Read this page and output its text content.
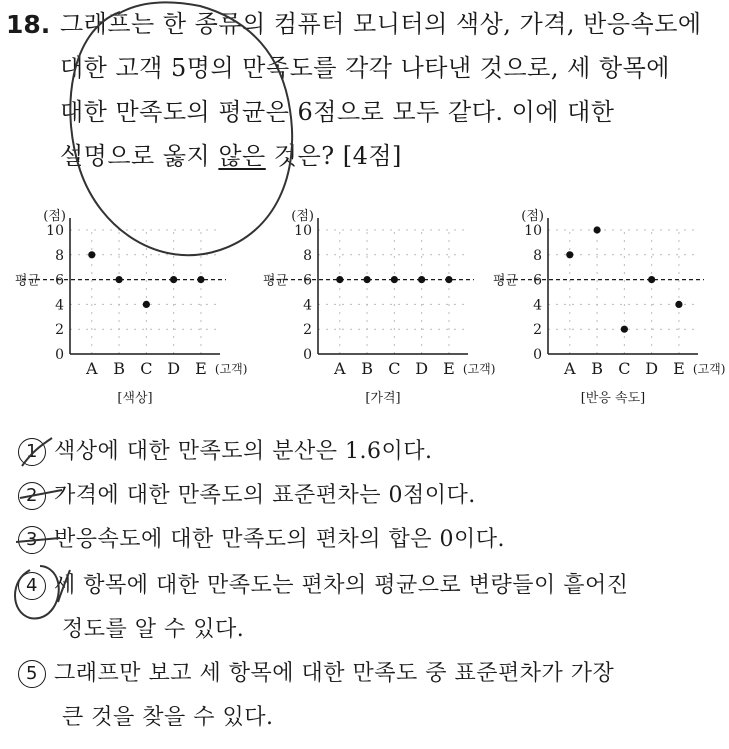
18. 그래프는 한 종류의 컴퓨터 모니터의 색상, 가격, 반응속도에
대한 고객 5명의 만족도를 각각 나타낸 것으로, 세 항목에
대한 만족도의 평균은 6점으로 모두 같다. 이에 대한
설명으로 옳지 않은 것은? [4점]
0
2
4
6
8
10
(점)
평균
A B C D E (고객)
[색상]
0
2
4
6
8
10
(점)
평균
A B C D E (고객)
[가격]
0
2
4
6
8
10
(점)
평균
A B C D E (고객)
[반응 속도]
1 색상에 대한 만족도의 분산은 1.6이다.
2 가격에 대한 만족도의 표준편차는 0점이다.
3 반응속도에 대한 만족도의 편차의 합은 0이다.
4 세 항목에 대한 만족도는 편차의 평균으로 변량들이 흩어진
정도를 알 수 있다.
5 그래프만 보고 세 항목에 대한 만족도 중 표준편차가 가장
큰 것을 찾을 수 있다.
